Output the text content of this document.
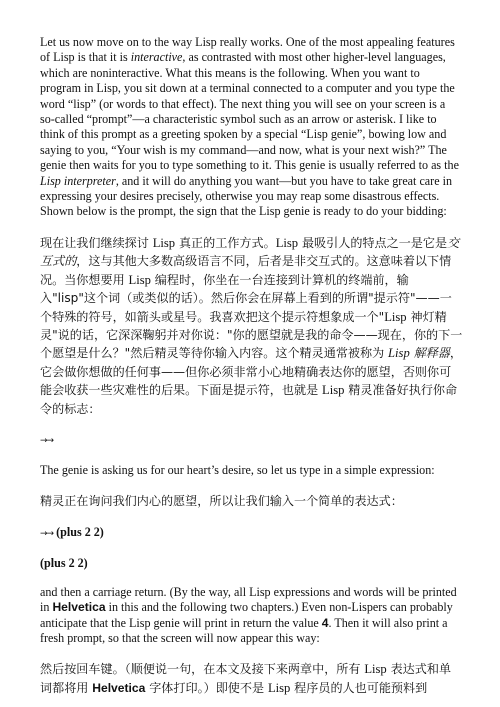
Let us now move on to the way Lisp really works. One of the most appealing features of Lisp is that it is interactive, as contrasted with most other higher-level languages, which are noninteractive. What this means is the following. When you want to program in Lisp, you sit down at a terminal connected to a computer and you type the word “lisp” (or words to that effect). The next thing you will see on your screen is a so-called “prompt”—a characteristic symbol such as an arrow or asterisk. I like to think of this prompt as a greeting spoken by a special “Lisp genie”, bowing low and saying to you, “Your wish is my command—and now, what is your next wish?” The genie then waits for you to type something to it. This genie is usually referred to as the Lisp interpreter, and it will do anything you want—but you have to take great care in expressing your desires precisely, otherwise you may reap some disastrous effects. Shown below is the prompt, the sign that the Lisp genie is ready to do your bidding:

现在让我们继续探讨 Lisp 真正的工作方式。Lisp 最吸引人的特点之一是它是交互式的，这与其他大多数高级语言不同，后者是非交互式的。这意味着以下情况。当你想要用 Lisp 编程时，你坐在一台连接到计算机的终端前，输入"lisp"这个词（或类似的话）。然后你会在屏幕上看到的所谓"提示符"——一个特殊的符号，如箭头或星号。我喜欢把这个提示符想象成一个"Lisp 神灯精灵"说的话，它深深鞠躬并对你说："你的愿望就是我的命令——现在，你的下一个愿望是什么？"然后精灵等待你输入内容。这个精灵通常被称为 Lisp 解释器，它会做你想做的任何事——但你必须非常小心地精确表达你的愿望，否则你可能会收获一些灾难性的后果。下面是提示符，也就是 Lisp 精灵准备好执行你命令的标志：

→→

The genie is asking us for our heart’s desire, so let us type in a simple expression:

精灵正在询问我们内心的愿望，所以让我们输入一个简单的表达式：

→→ (plus 2 2)

(plus 2 2)

and then a carriage return. (By the way, all Lisp expressions and words will be printed in Helvetica in this and the following two chapters.) Even non-Lispers can probably anticipate that the Lisp genie will print in return the value 4. Then it will also print a fresh prompt, so that the screen will now appear this way:

然后按回车键。（顺便说一句，在本文及接下来两章中，所有 Lisp 表达式和单词都将用 Helvetica 字体打印。）即使不是 Lisp 程序员的人也可能预料到
